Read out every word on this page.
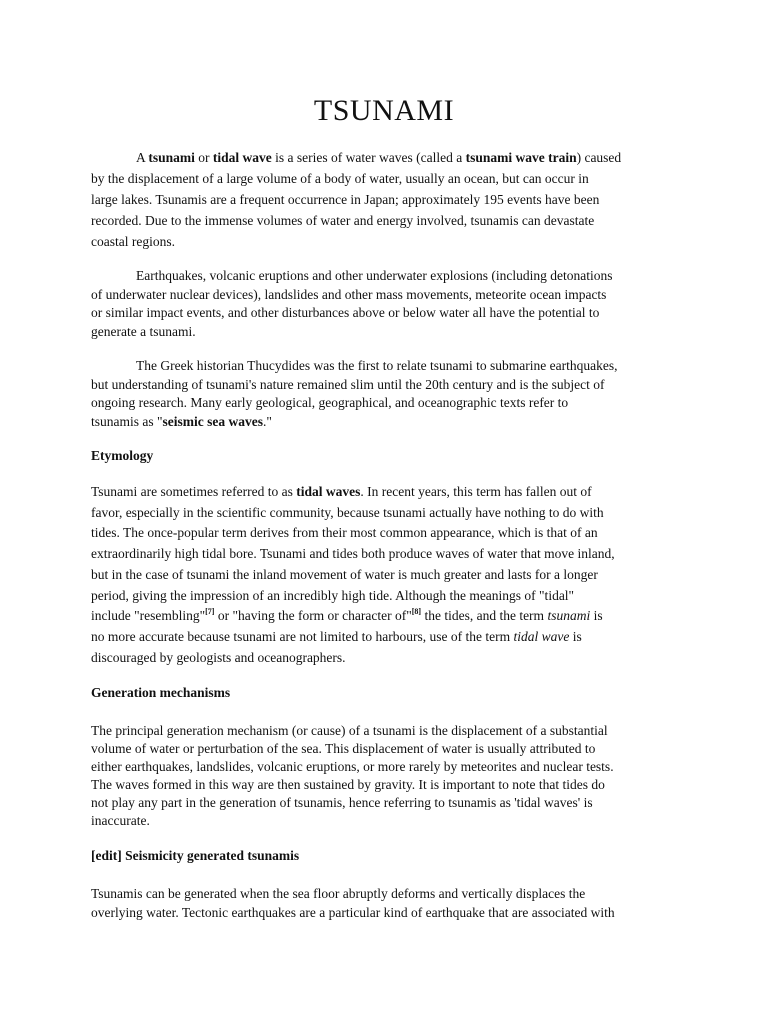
TSUNAMI
A tsunami or tidal wave is a series of water waves (called a tsunami wave train) caused
by the displacement of a large volume of a body of water, usually an ocean, but can occur in
large lakes. Tsunamis are a frequent occurrence in Japan; approximately 195 events have been
recorded. Due to the immense volumes of water and energy involved, tsunamis can devastate
coastal regions.
Earthquakes, volcanic eruptions and other underwater explosions (including detonations
of underwater nuclear devices), landslides and other mass movements, meteorite ocean impacts
or similar impact events, and other disturbances above or below water all have the potential to
generate a tsunami.
The Greek historian Thucydides was the first to relate tsunami to submarine earthquakes,
but understanding of tsunami's nature remained slim until the 20th century and is the subject of
ongoing research. Many early geological, geographical, and oceanographic texts refer to
tsunamis as "seismic sea waves."
Etymology
Tsunami are sometimes referred to as tidal waves. In recent years, this term has fallen out of
favor, especially in the scientific community, because tsunami actually have nothing to do with
tides. The once-popular term derives from their most common appearance, which is that of an
extraordinarily high tidal bore. Tsunami and tides both produce waves of water that move inland,
but in the case of tsunami the inland movement of water is much greater and lasts for a longer
period, giving the impression of an incredibly high tide. Although the meanings of "tidal"
include "resembling"[7] or "having the form or character of"[8] the tides, and the term tsunami is
no more accurate because tsunami are not limited to harbours, use of the term tidal wave is
discouraged by geologists and oceanographers.
Generation mechanisms
The principal generation mechanism (or cause) of a tsunami is the displacement of a substantial
volume of water or perturbation of the sea. This displacement of water is usually attributed to
either earthquakes, landslides, volcanic eruptions, or more rarely by meteorites and nuclear tests.
The waves formed in this way are then sustained by gravity. It is important to note that tides do
not play any part in the generation of tsunamis, hence referring to tsunamis as 'tidal waves' is
inaccurate.
[edit] Seismicity generated tsunamis
Tsunamis can be generated when the sea floor abruptly deforms and vertically displaces the
overlying water. Tectonic earthquakes are a particular kind of earthquake that are associated with
